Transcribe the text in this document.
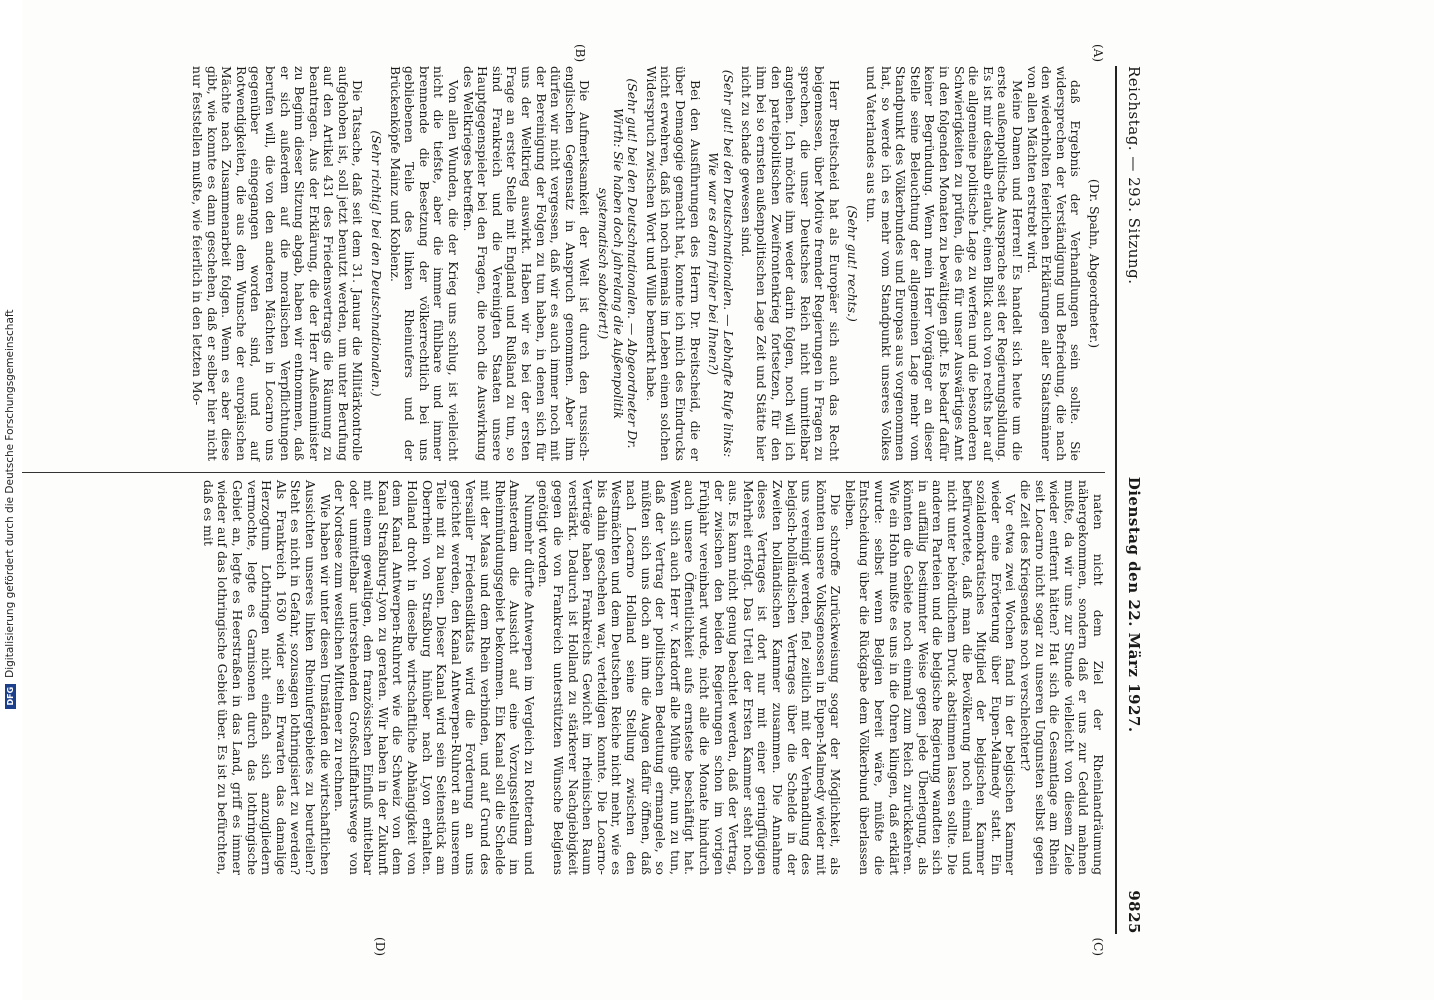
Reichstag. — 293. Sitzung.
Dienstag den 22. März 1927.
9825
(A)
(B)
(C)
(D)

(Dr. Spahn, Abgeordneter.)

daß Ergebnis der Verhandlungen sein sollte. Sie widersprechen der Verständigung und Befriedung, die nach den wiederholten feierlichen Erklärungen aller Staatsmänner von allen Mächten erstrebt wird.

Meine Damen und Herren! Es handelt sich heute um die erste außenpolitische Aussprache seit der Regierungsbildung. Es ist mir deshalb erlaubt, einen Blick auch von rechts her auf die allgemeine politische Lage zu werfen und die besonderen Schwierigkeiten zu prüfen, die es für unser Auswärtiges Amt in den folgenden Monaten zu bewältigen gibt. Es bedarf dafür keiner Begründung. Wenn mein Herr Vorgänger an dieser Stelle seine Beleuchtung der allgemeinen Lage mehr vom Standpunkt des Völkerbundes und Europas aus vorgenommen hat, so werde ich es mehr vom Standpunkt unseres Volkes und Vaterlandes aus tun.

(Sehr gut! rechts.)

Herr Breitscheid hat als Europäer sich auch das Recht beigemessen, über Motive fremder Regierungen in Fragen zu sprechen, die unser Deutsches Reich nicht unmittelbar angehen. Ich möchte ihm weder darin folgen, noch will ich den parteipolitischen Zweifrontenkrieg fortsetzen, für den ihm bei so ernsten außenpolitischen Lage Zeit und Stätte hier nicht zu schade gewesen sind.

(Sehr gut! bei den Deutschnationalen. — Lebhafte Rufe links: Wie war es denn früher bei Ihnen?)

Bei den Ausführungen des Herrn Dr. Breitscheid, die er über Demagogie gemacht hat, konnte ich mich des Eindrucks nicht erwehren, daß ich noch niemals im Leben einen solchen Widerspruch zwischen Wort und Wille bemerkt habe.

(Sehr gut! bei den Deutschnationalen. — Abgeordneter Dr. Wirth: Sie haben doch jahrelang die Außenpolitik systematisch sabotiert!)

Die Aufmerksamkeit der Welt ist durch den russisch-englischen Gegensatz in Anspruch genommen. Aber ihm dürfen wir nicht vergessen, daß wir es auch immer noch mit der Bereinigung der Folgen zu tun haben, in denen sich für uns der Weltkrieg auswirkt. Haben wir es bei der ersten Frage an erster Stelle mit England und Rußland zu tun, so sind Frankreich und die Vereinigten Staaten unsere Hauptgegenspieler bei den Fragen, die noch die Auswirkung des Weltkrieges betreffen.

Von allen Wunden, die der Krieg uns schlug, ist vielleicht nicht die tiefste, aber die immer fühlbare und immer brennende die Besetzung der völkerrechtlich bei uns gebliebenen Teile des linken Rheinufers und der Brückenköpfe Mainz und Koblenz.

(Sehr richtig! bei den Deutschnationalen.)

Die Tatsache, daß seit dem 31. Januar die Militärkontrolle aufgehoben ist, soll jetzt benutzt werden, um unter Berufung auf den Artikel 431 des Friedensvertrags die Räumung zu beantragen. Aus der Erklärung, die der Herr Außenminister zu Beginn dieser Sitzung abgab, haben wir entnommen, daß er sich außerdem auf die moralischen Verpflichtungen berufen will, die von den anderen Mächten in Locarno uns gegenüber eingegangen worden sind, und auf Rotwendigkeiten, die aus dem Wunsche der europäischen Mächte nach Zusammenarbeit folgen. Wenn es aber diese gibt, wie konnte es dann geschehen, daß er selber hier nicht nur feststellen mußte, wie feierlich in den letzten Mo-

naten nicht dem Ziel der Rheinlandräumung nähergekommen, sondern daß er uns zur Geduld mahnen mußte, da wir uns zur Stunde vielleicht von diesem Ziele wieder entfernt hätten? Hat sich die Gesamtlage am Rhein seit Locarno nicht sogar zu unseren Ungunsten selbst gegen die Zeit des Kriegsendes noch verschlechtert?

Vor etwa zwei Wochen fand in der belgischen Kammer wieder eine Erörterung über Eupen-Malmedy statt. Ein sozialdemokratisches Mitglied der belgischen Kammer befürwortete, daß man die Bevölkerung noch einmal und nicht unter behördlichem Druck abstimmen lassen sollte. Die anderen Parteien und die belgische Regierung wandten sich in auffällig bestimmter Weise gegen jede Überlegung, als könnten die Gebiete noch einmal zum Reich zurückkehren. Wie ein Hohn mußte es uns in die Ohren klingen, daß erklärt wurde: selbst wenn Belgien bereit wäre, müßte die Entscheidung über die Rückgabe dem Völkerbund überlassen bleiben.

Die schroffe Zurückweisung sogar der Möglichkeit, als könnten unsere Volksgenossen in Eupen-Malmedy wieder mit uns vereinigt werden, fiel zeitlich mit der Verhandlung des belgisch-holländischen Vertrages über die Schelde in der Zweiten holländischen Kammer zusammen. Die Annahme dieses Vertrages ist dort nur mit einer geringfügigen Mehrheit erfolgt. Das Urteil der Ersten Kammer steht noch aus. Es kann nicht genug beachtet werden, daß der Vertrag, der zwischen den beiden Regierungen schon im vorigen Frühjahr vereinbart wurde, nicht alle die Monate hindurch auch unsere Öffentlichkeit aufs ernsteste beschäftigt hat. Wenn sich auch Herr v. Kardorff alle Mühe gibt, nun zu tun, daß der Vertrag der politischen Bedeutung ermangele, so müßten sich uns doch an ihm die Augen dafür öffnen, daß nach Locarno Holland seine Stellung zwischen den Westmächten und dem Deutschen Reiche nicht mehr, wie es bis dahin geschehen war, verteidigen konnte. Die Locarno-Verträge haben Frankreichs Gewicht im rheinischen Raum verstärkt. Dadurch ist Holland zu stärkerer Nachgiebigkeit gegen die von Frankreich unterstützten Wünsche Belgiens genötigt worden.

Nunmehr dürfte Antwerpen im Vergleich zu Rotterdam und Amsterdam die Aussicht auf eine Vorzugsstellung im Rheinmündungsgebiet bekommen. Ein Kanal soll die Schelde mit der Maas und dem Rhein verbinden, und auf Grund des Versailler Friedensdiktats wird die Forderung an uns gerichtet werden, den Kanal Antwerpen-Ruhrort an unserem Teile mit zu bauen. Dieser Kanal wird sein Seitenstück am Oberrhein von Straßburg hinüber nach Lyon erhalten. Holland droht in dieselbe wirtschaftliche Abhängigkeit von dem Kanal Antwerpen-Ruhrort wie die Schweiz von dem Kanal Straßburg-Lyon zu geraten. Wir haben in der Zukunft mit einem gewaltigen, dem französischen Einfluß mittelbar oder unmittelbar unterstehenden Großschiffahrtswege von der Nordsee zum westlichen Mittelmeer zu rechnen.

Wie haben wir unter diesen Umständen die wirtschaftlichen Aussichten unseres linken Rheinufergebietes zu beurteilen? Steht es nicht in Gefahr, sozusagen lothringisiert zu werden? Als Frankreich 1630 wider sein Erwarten das damalige Herzogtum Lothringen nicht einfach sich anzugliedern vermochte, legte es Garnisonen durch das lothringische Gebiet an, legte es Heerstraßen in das Land, griff es immer wieder auf das lothringische Gebiet über. Es ist zu befürchten, daß es mit

DFG
Digitalisierung gefördert durch die Deutsche Forschungsgemeinschaft
